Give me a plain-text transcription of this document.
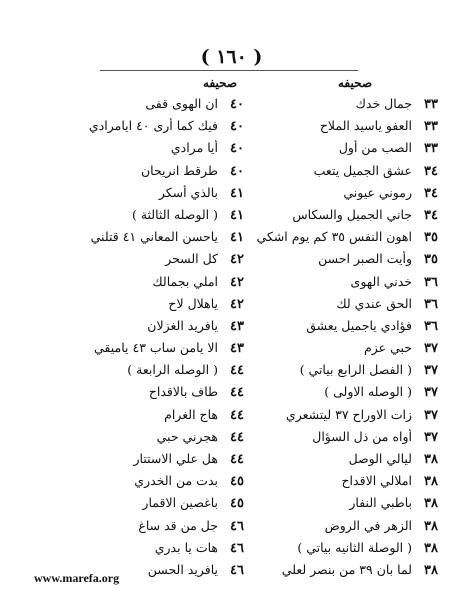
( ١٦٠ )
صحيفه
صحيفه
٣٣
جمال خدك
٣٣
العفو ياسيد الملاح
٣٣
الصب من أول
٣٤
عشق الجميل يتعب
٣٤
رموني عيوني
٣٤
جاني الجميل والسكاس
٣٥
اهون النفس ٣٥ كم يوم اشكي
٣٥
وأيت الصبر احسن
٣٦
خدني الهوى
٣٦
الحق عندي لك
٣٦
فؤادي ياجميل يعشق
٣٧
حبي عزم
٣٧
( الفصل الرابع بياتي )
٣٧
( الوصله الاولى )
٣٧
زات الاوراح ٣٧ ليتشعري
٣٧
أواه من ذل السؤال
٣٨
ليالي الوصل
٣٨
املالي الاقداح
٣٨
باطبي النفار
٣٨
الزهر في الروض
٣٨
( الوصلة الثانيه بياتي )
٣٨
لما بان ٣٩ من بنصر لعلي
٤٠
ان الهوى قفى
٤٠
فيك كما أرى ٤٠ ايامرادي
٤٠
أيا مرادي
٤٠
طرقط انريحان
٤١
بالذي أسكر
٤١
( الوصله الثالثة )
٤١
ياحسن المعاني ٤١ قتلني
٤٢
كل السحر
٤٢
املي بجمالك
٤٢
ياهلال لاح
٤٣
يافريد الغزلان
٤٣
الا يامن ساب ٤٣ ياميقي
٤٤
( الوصله الرابعة )
٤٤
طاف بالاقداح
٤٤
هاج الغرام
٤٤
هجرني حبي
٤٤
هل علي الاستتار
٤٥
بدت من الخدري
٤٥
باغصين الاقمار
٤٦
جل من قد ساغ
٤٦
هات يا بدري
٤٦
يافريد الحسن
www.marefa.org
